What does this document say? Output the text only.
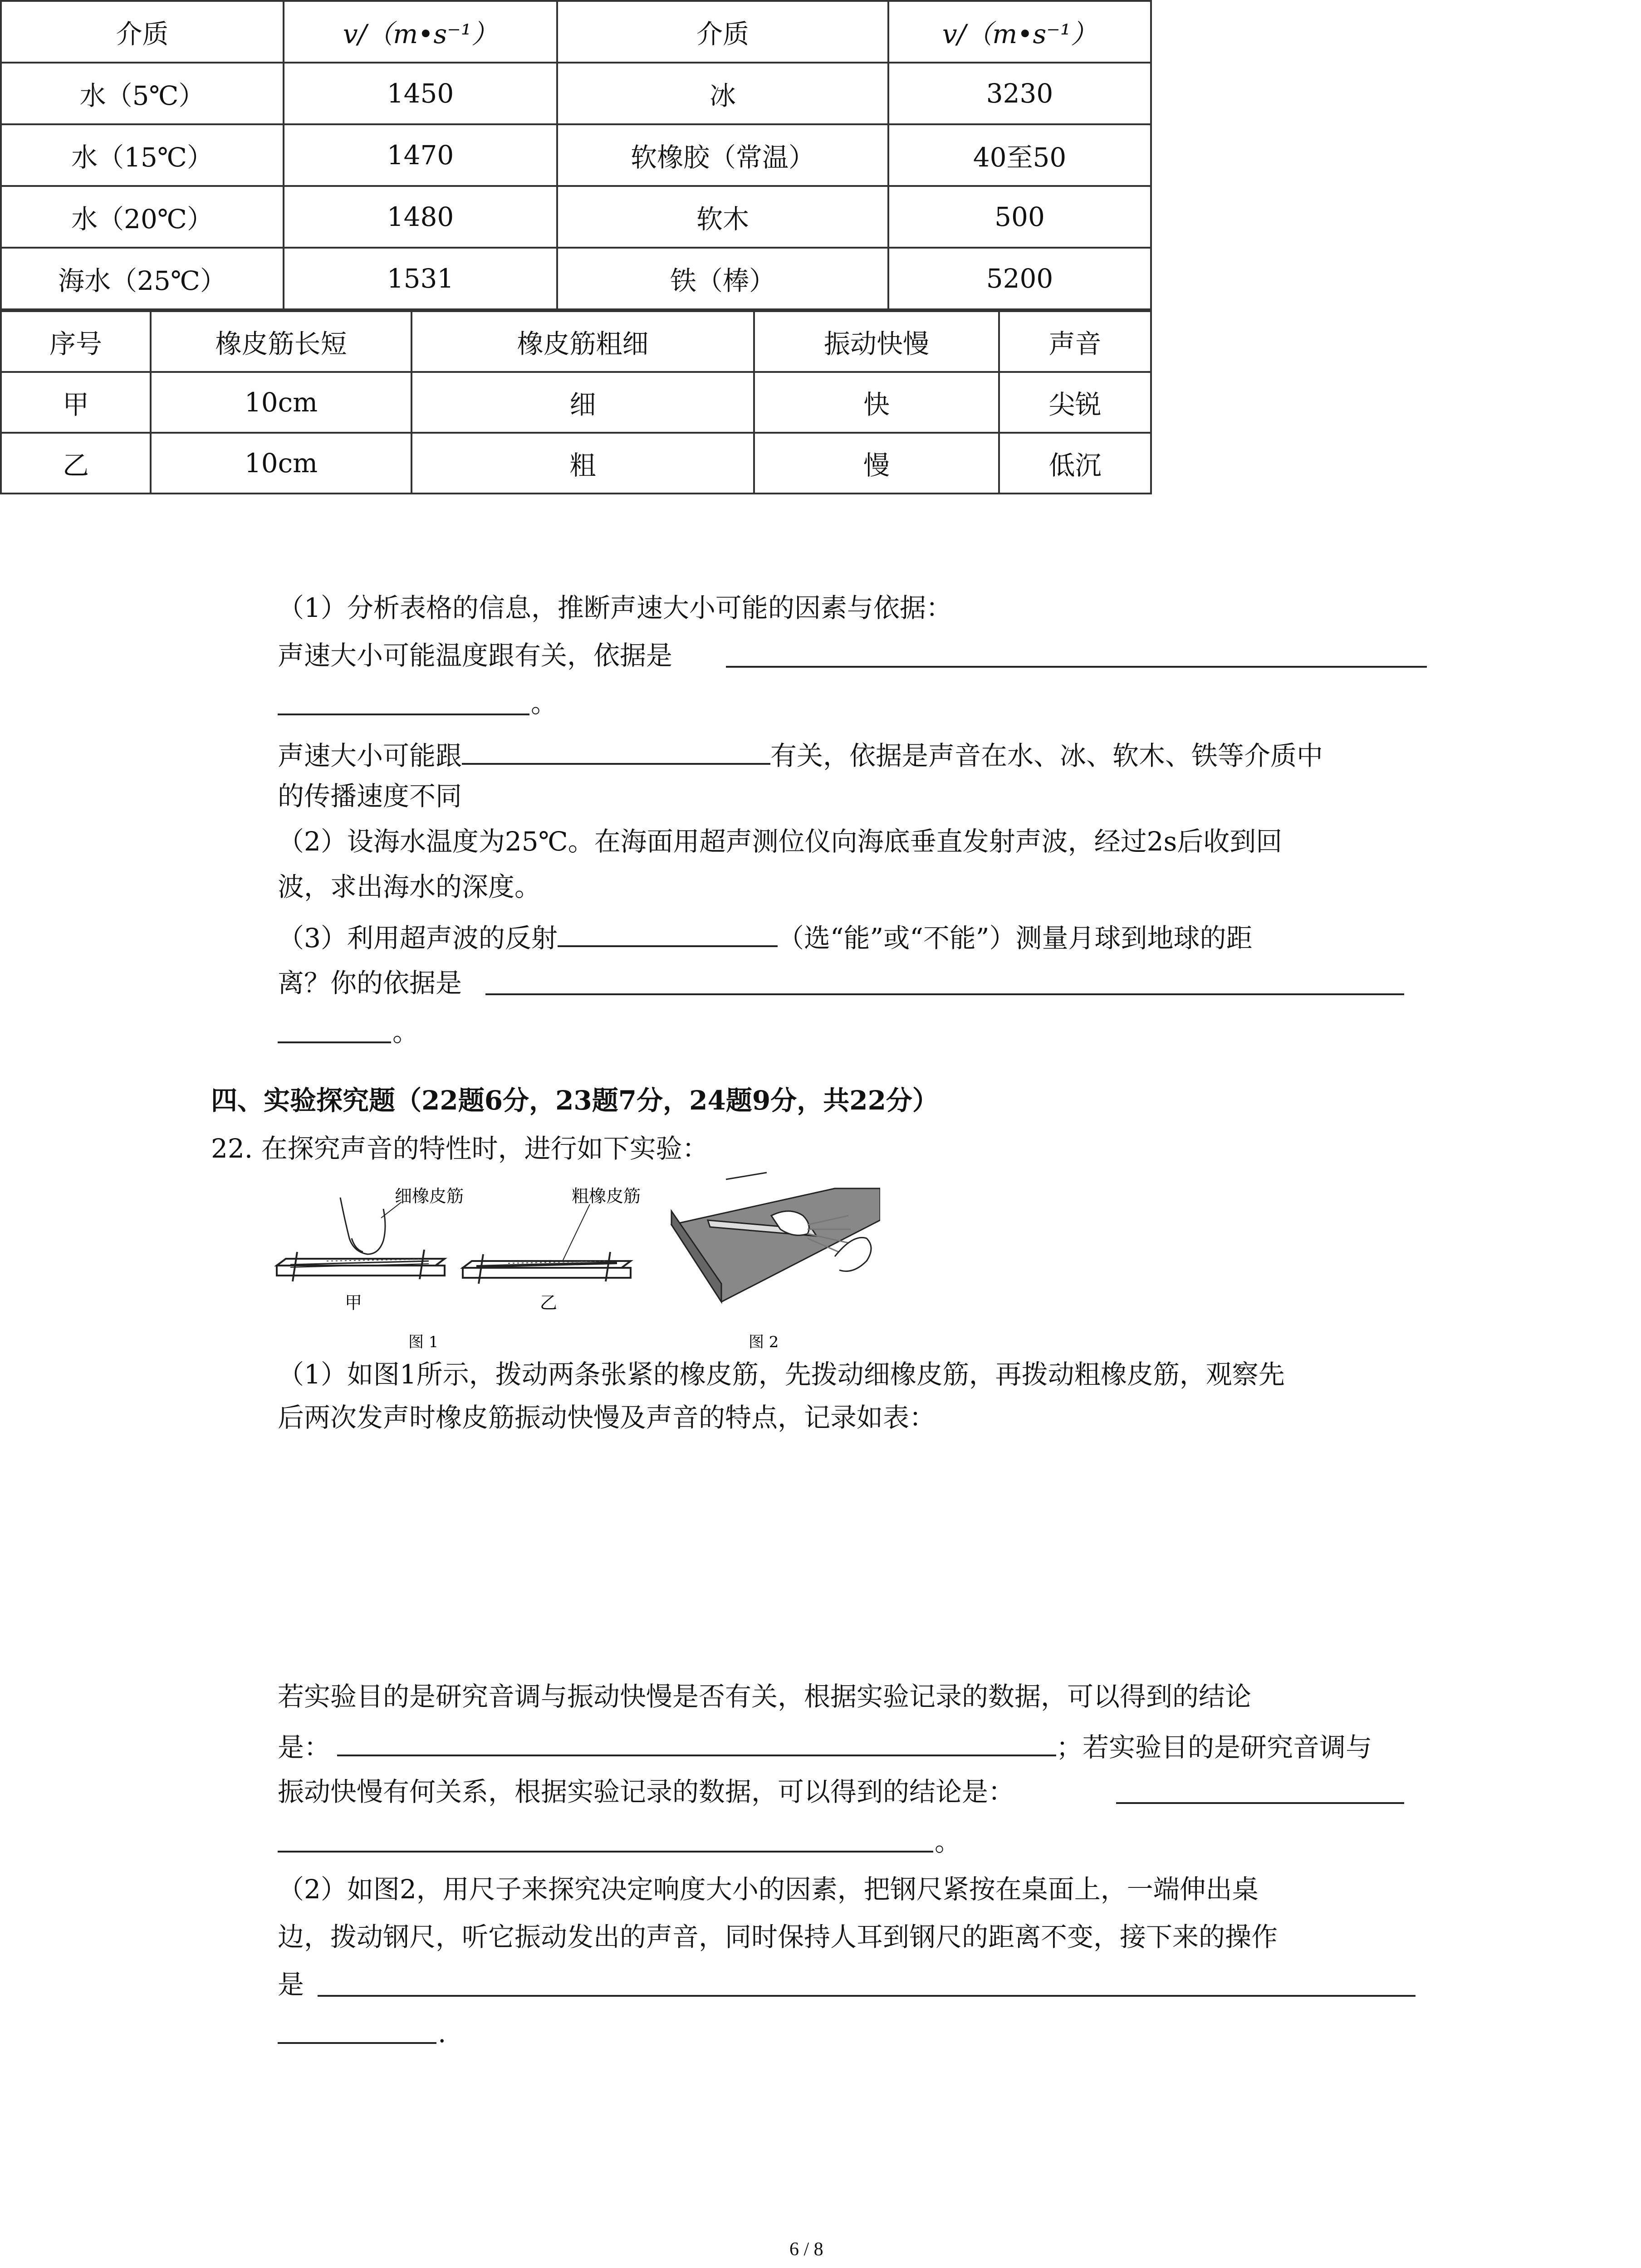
介质	v/（m•s⁻¹）	介质	v/（m•s⁻¹）
水（5℃）	1450	冰	3230
水（15℃）	1470	软橡胶（常温）	40至50
水（20℃）	1480	软木	500
海水（25℃）	1531	铁（棒）	5200
（1）分析表格的信息，推断声速大小可能的因素与依据：
声速大小可能温度跟有关，依据是
。
声速大小可能跟	有关，依据是声音在水、冰、软木、铁等介质中
的传播速度不同
（2）设海水温度为25℃。在海面用超声测位仪向海底垂直发射声波，经过2s后收到回
波，求出海水的深度。
（3）利用超声波的反射	（选“能”或“不能”）测量月球到地球的距
离？你的依据是
。
四、实验探究题（22题6分，23题7分，24题9分，共22分）
22. 在探究声音的特性时，进行如下实验：
细橡皮筋
甲
粗橡皮筋
乙
图 1	图 2
（1）如图1所示，拨动两条张紧的橡皮筋，先拨动细橡皮筋，再拨动粗橡皮筋，观察先
后两次发声时橡皮筋振动快慢及声音的特点，记录如表：
序号	橡皮筋长短	橡皮筋粗细	振动快慢	声音
甲	10cm	细	快	尖锐
乙	10cm	粗	慢	低沉
若实验目的是研究音调与振动快慢是否有关，根据实验记录的数据，可以得到的结论
是：	；若实验目的是研究音调与
振动快慢有何关系，根据实验记录的数据，可以得到的结论是：
。
（2）如图2，用尺子来探究决定响度大小的因素，把钢尺紧按在桌面上，一端伸出桌
边，拨动钢尺，听它振动发出的声音，同时保持人耳到钢尺的距离不变，接下来的操作
是
.
6 / 8
